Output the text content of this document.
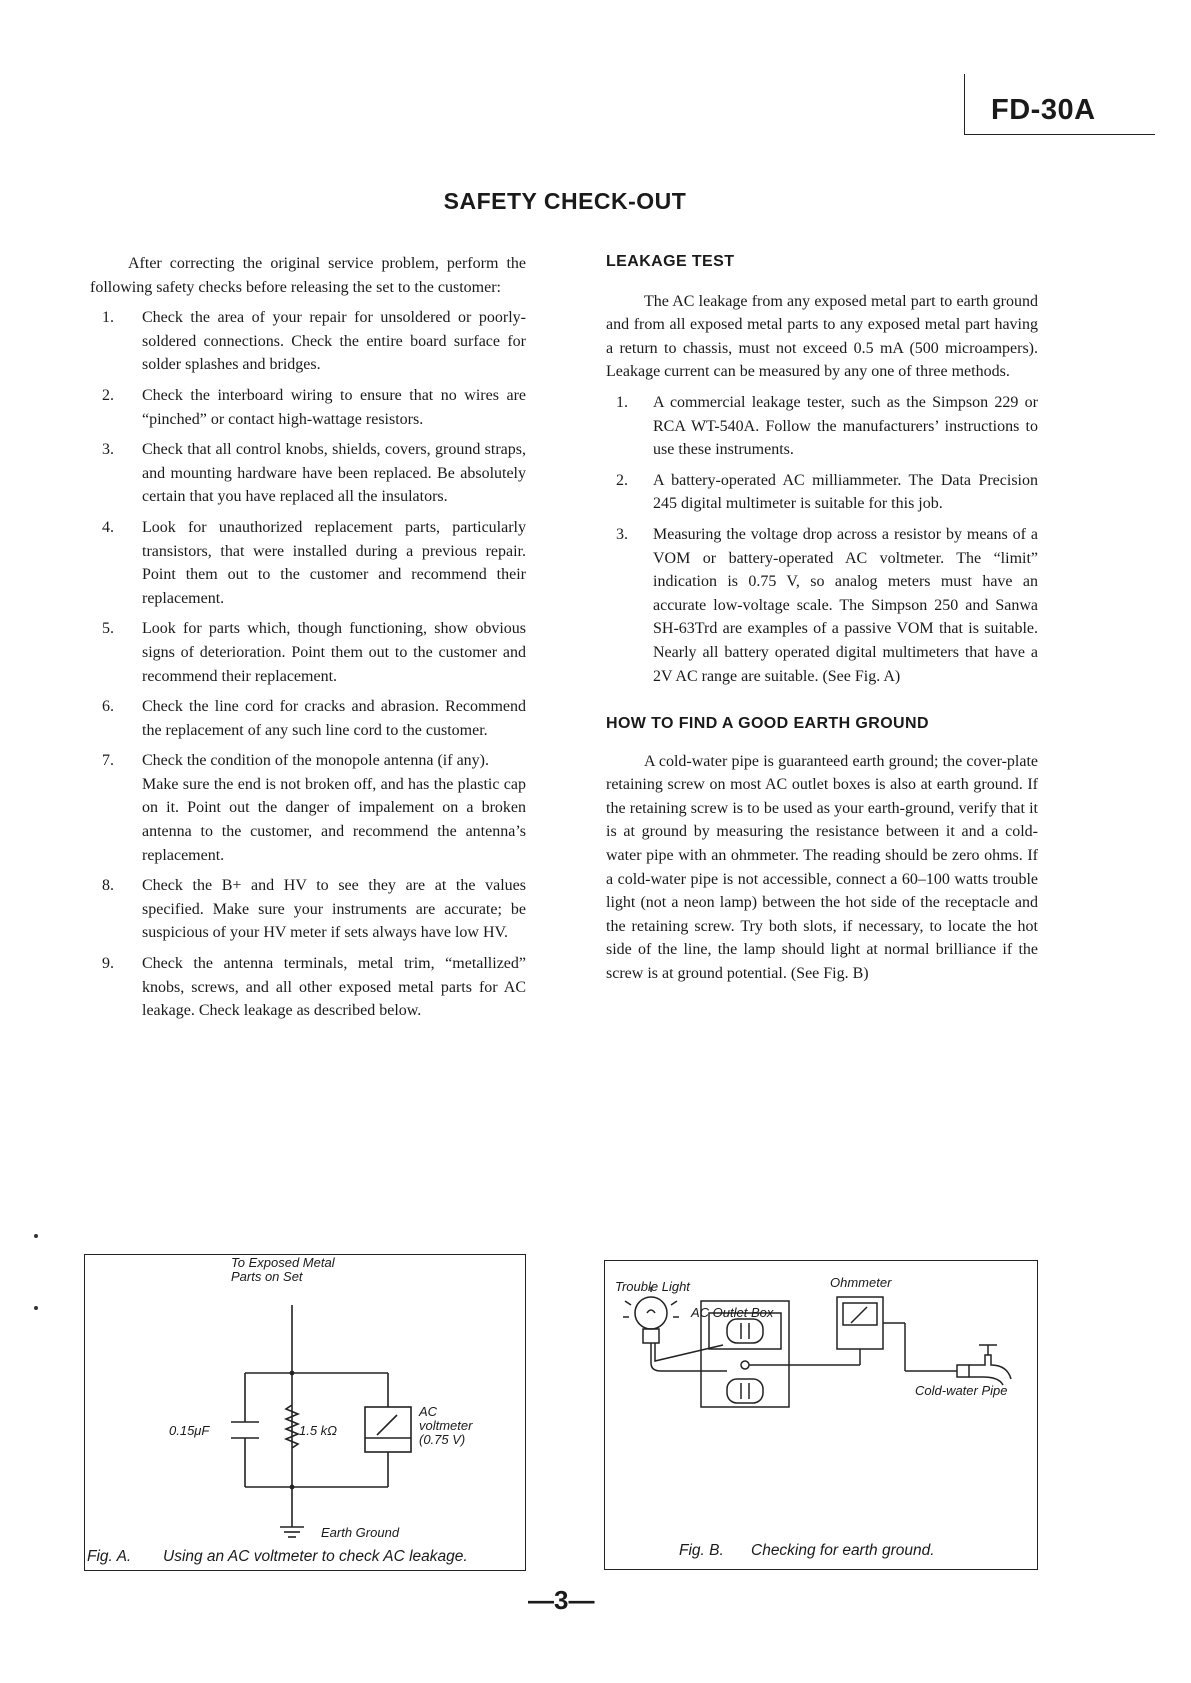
FD-30A
SAFETY CHECK-OUT

After correcting the original service problem, perform the following safety checks before releasing the set to the customer:

1. Check the area of your repair for unsoldered or poorly-soldered connections. Check the entire board surface for solder splashes and bridges.
2. Check the interboard wiring to ensure that no wires are “pinched” or contact high-wattage resistors.
3. Check that all control knobs, shields, covers, ground straps, and mounting hardware have been replaced. Be absolutely certain that you have replaced all the insulators.
4. Look for unauthorized replacement parts, particularly transistors, that were installed during a previous repair. Point them out to the customer and recommend their replacement.
5. Look for parts which, though functioning, show obvious signs of deterioration. Point them out to the customer and recommend their replacement.
6. Check the line cord for cracks and abrasion. Recommend the replacement of any such line cord to the customer.
7. Check the condition of the monopole antenna (if any).
Make sure the end is not broken off, and has the plastic cap on it. Point out the danger of impalement on a broken antenna to the customer, and recommend the antenna’s replacement.
8. Check the B+ and HV to see they are at the values specified. Make sure your instruments are accurate; be suspicious of your HV meter if sets always have low HV.
9. Check the antenna terminals, metal trim, “metallized” knobs, screws, and all other exposed metal parts for AC leakage. Check leakage as described below.

LEAKAGE TEST

The AC leakage from any exposed metal part to earth ground and from all exposed metal parts to any exposed metal part having a return to chassis, must not exceed 0.5 mA (500 microampers). Leakage current can be measured by any one of three methods.

1. A commercial leakage tester, such as the Simpson 229 or RCA WT-540A. Follow the manufacturers’ instructions to use these instruments.
2. A battery-operated AC milliammeter. The Data Precision 245 digital multimeter is suitable for this job.
3. Measuring the voltage drop across a resistor by means of a VOM or battery-operated AC voltmeter. The “limit” indication is 0.75 V, so analog meters must have an accurate low-voltage scale. The Simpson 250 and Sanwa SH-63Trd are examples of a passive VOM that is suitable. Nearly all battery operated digital multimeters that have a 2V AC range are suitable. (See Fig. A)

HOW TO FIND A GOOD EARTH GROUND

A cold-water pipe is guaranteed earth ground; the cover-plate retaining screw on most AC outlet boxes is also at earth ground. If the retaining screw is to be used as your earth-ground, verify that it is at ground by measuring the resistance between it and a cold-water pipe with an ohmmeter. The reading should be zero ohms. If a cold-water pipe is not accessible, connect a 60–100 watts trouble light (not a neon lamp) between the hot side of the receptacle and the retaining screw. Try both slots, if necessary, to locate the hot side of the line, the lamp should light at normal brilliance if the screw is at ground potential. (See Fig. B)

To Exposed Metal
Parts on Set
0.15μF	1.5 kΩ
AC
voltmeter
(0.75 V)
Earth Ground
Fig. A. Using an AC voltmeter to check AC leakage.
Trouble Light
AC Outlet Box
Ohmmeter
Cold-water Pipe
Fig. B. Checking for earth ground.
—3—
